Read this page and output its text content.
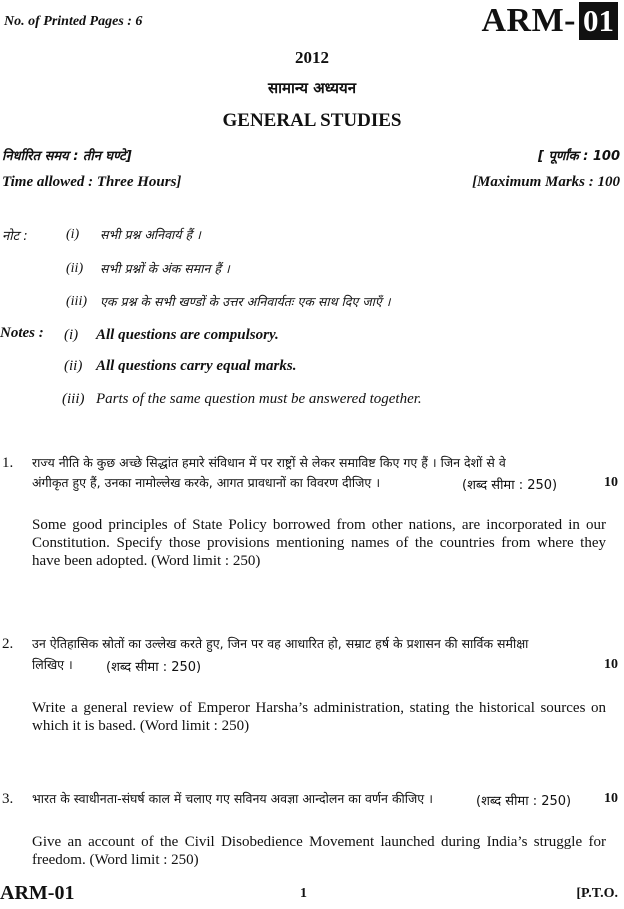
No. of Printed Pages : 6	ARM- 01
2012
सामान्य अध्ययन
GENERAL STUDIES
निर्धारित समय : तीन घण्टे]	[ पूर्णांक : 100
Time allowed : Three Hours]	[Maximum Marks : 100
नोट :	(i) सभी प्रश्न अनिवार्य हैं ।
(ii) सभी प्रश्नों के अंक समान हैं ।
(iii) एक प्रश्न के सभी खण्डों के उत्तर अनिवार्यतः एक साथ दिए जाएँ ।
Notes : (i) All questions are compulsory.
(ii) All questions carry equal marks.
(iii) Parts of the same question must be answered together.
1. राज्य नीति के कुछ अच्छे सिद्धांत हमारे संविधान में पर राष्ट्रों से लेकर समाविष्ट किए गए हैं । जिन देशों से वे
अंगीकृत हुए हैं, उनका नामोल्लेख करके, आगत प्रावधानों का विवरण दीजिए ।	(शब्द सीमा : 250)	10
Some good principles of State Policy borrowed from other nations, are incorporated in our Constitution. Specify those provisions mentioning names of the countries from where they have been adopted. (Word limit : 250)
2. उन ऐतिहासिक स्रोतों का उल्लेख करते हुए, जिन पर वह आधारित हो, सम्राट हर्ष के प्रशासन की सार्विक समीक्षा
लिखिए ।	(शब्द सीमा : 250)	10
Write a general review of Emperor Harsha’s administration, stating the historical sources on which it is based. (Word limit : 250)
3. भारत के स्वाधीनता-संघर्ष काल में चलाए गए सविनय अवज्ञा आन्दोलन का वर्णन कीजिए ।	(शब्द सीमा : 250) 10
Give an account of the Civil Disobedience Movement launched during India’s struggle for freedom. (Word limit : 250)
ARM-01	1	[P.T.O.
